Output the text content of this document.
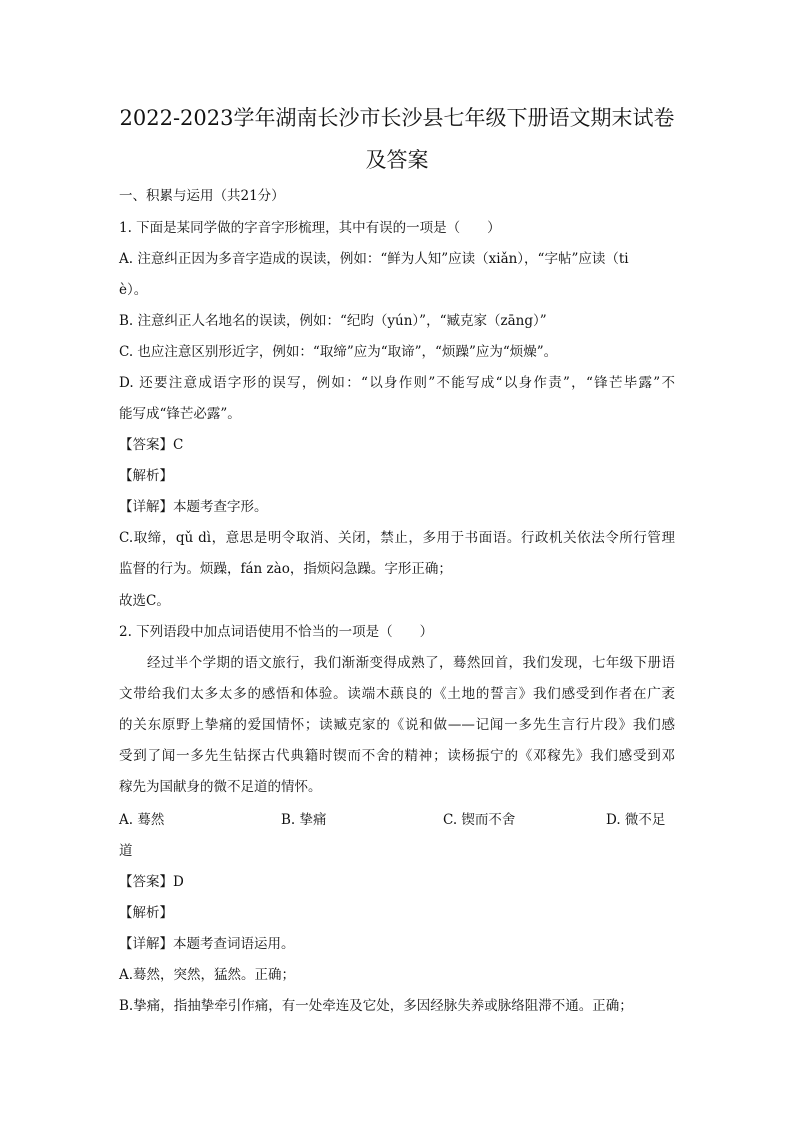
2022-2023学年湖南长沙市长沙县七年级下册语文期末试卷
及答案
一、积累与运用（共21分）
1. 下面是某同学做的字音字形梳理，其中有误的一项是（　　）
A. 注意纠正因为多音字造成的误读，例如：“鲜为人知”应读（xiǎn），“字帖”应读（ti
è）。
B. 注意纠正人名地名的误读，例如：“纪昀（yún）”，“臧克家（zāng）”
C. 也应注意区别形近字，例如：“取缔”应为“取谛”，“烦躁”应为“烦燥”。
D. 还要注意成语字形的误写，例如：“以身作则”不能写成“以身作责”，“锋芒毕露”不
能写成“锋芒必露”。
【答案】C
【解析】
【详解】本题考查字形。
C.取缔，qǔ dì，意思是明令取消、关闭，禁止，多用于书面语。行政机关依法令所行管理
监督的行为。烦躁，fán zào，指烦闷急躁。字形正确；
故选C。
2. 下列语段中加点词语使用不恰当的一项是（　　）
经过半个学期的语文旅行，我们渐渐变得成熟了，蓦然回首，我们发现，七年级下册语
文带给我们太多太多的感悟和体验。读端木蕻良的《土地的誓言》我们感受到作者在广袤
的关东原野上挚痛的爱国情怀；读臧克家的《说和做——记闻一多先生言行片段》我们感
受到了闻一多先生钻探古代典籍时锲而不舍的精神；读杨振宁的《邓稼先》我们感受到邓
稼先为国献身的微不足道的情怀。
A. 蓦然	B. 挚痛	C. 锲而不舍	D. 微不足
道
【答案】D
【解析】
【详解】本题考查词语运用。
A.蓦然，突然，猛然。正确；
B.挚痛，指抽挚牵引作痛，有一处牵连及它处，多因经脉失养或脉络阻滞不通。正确；
